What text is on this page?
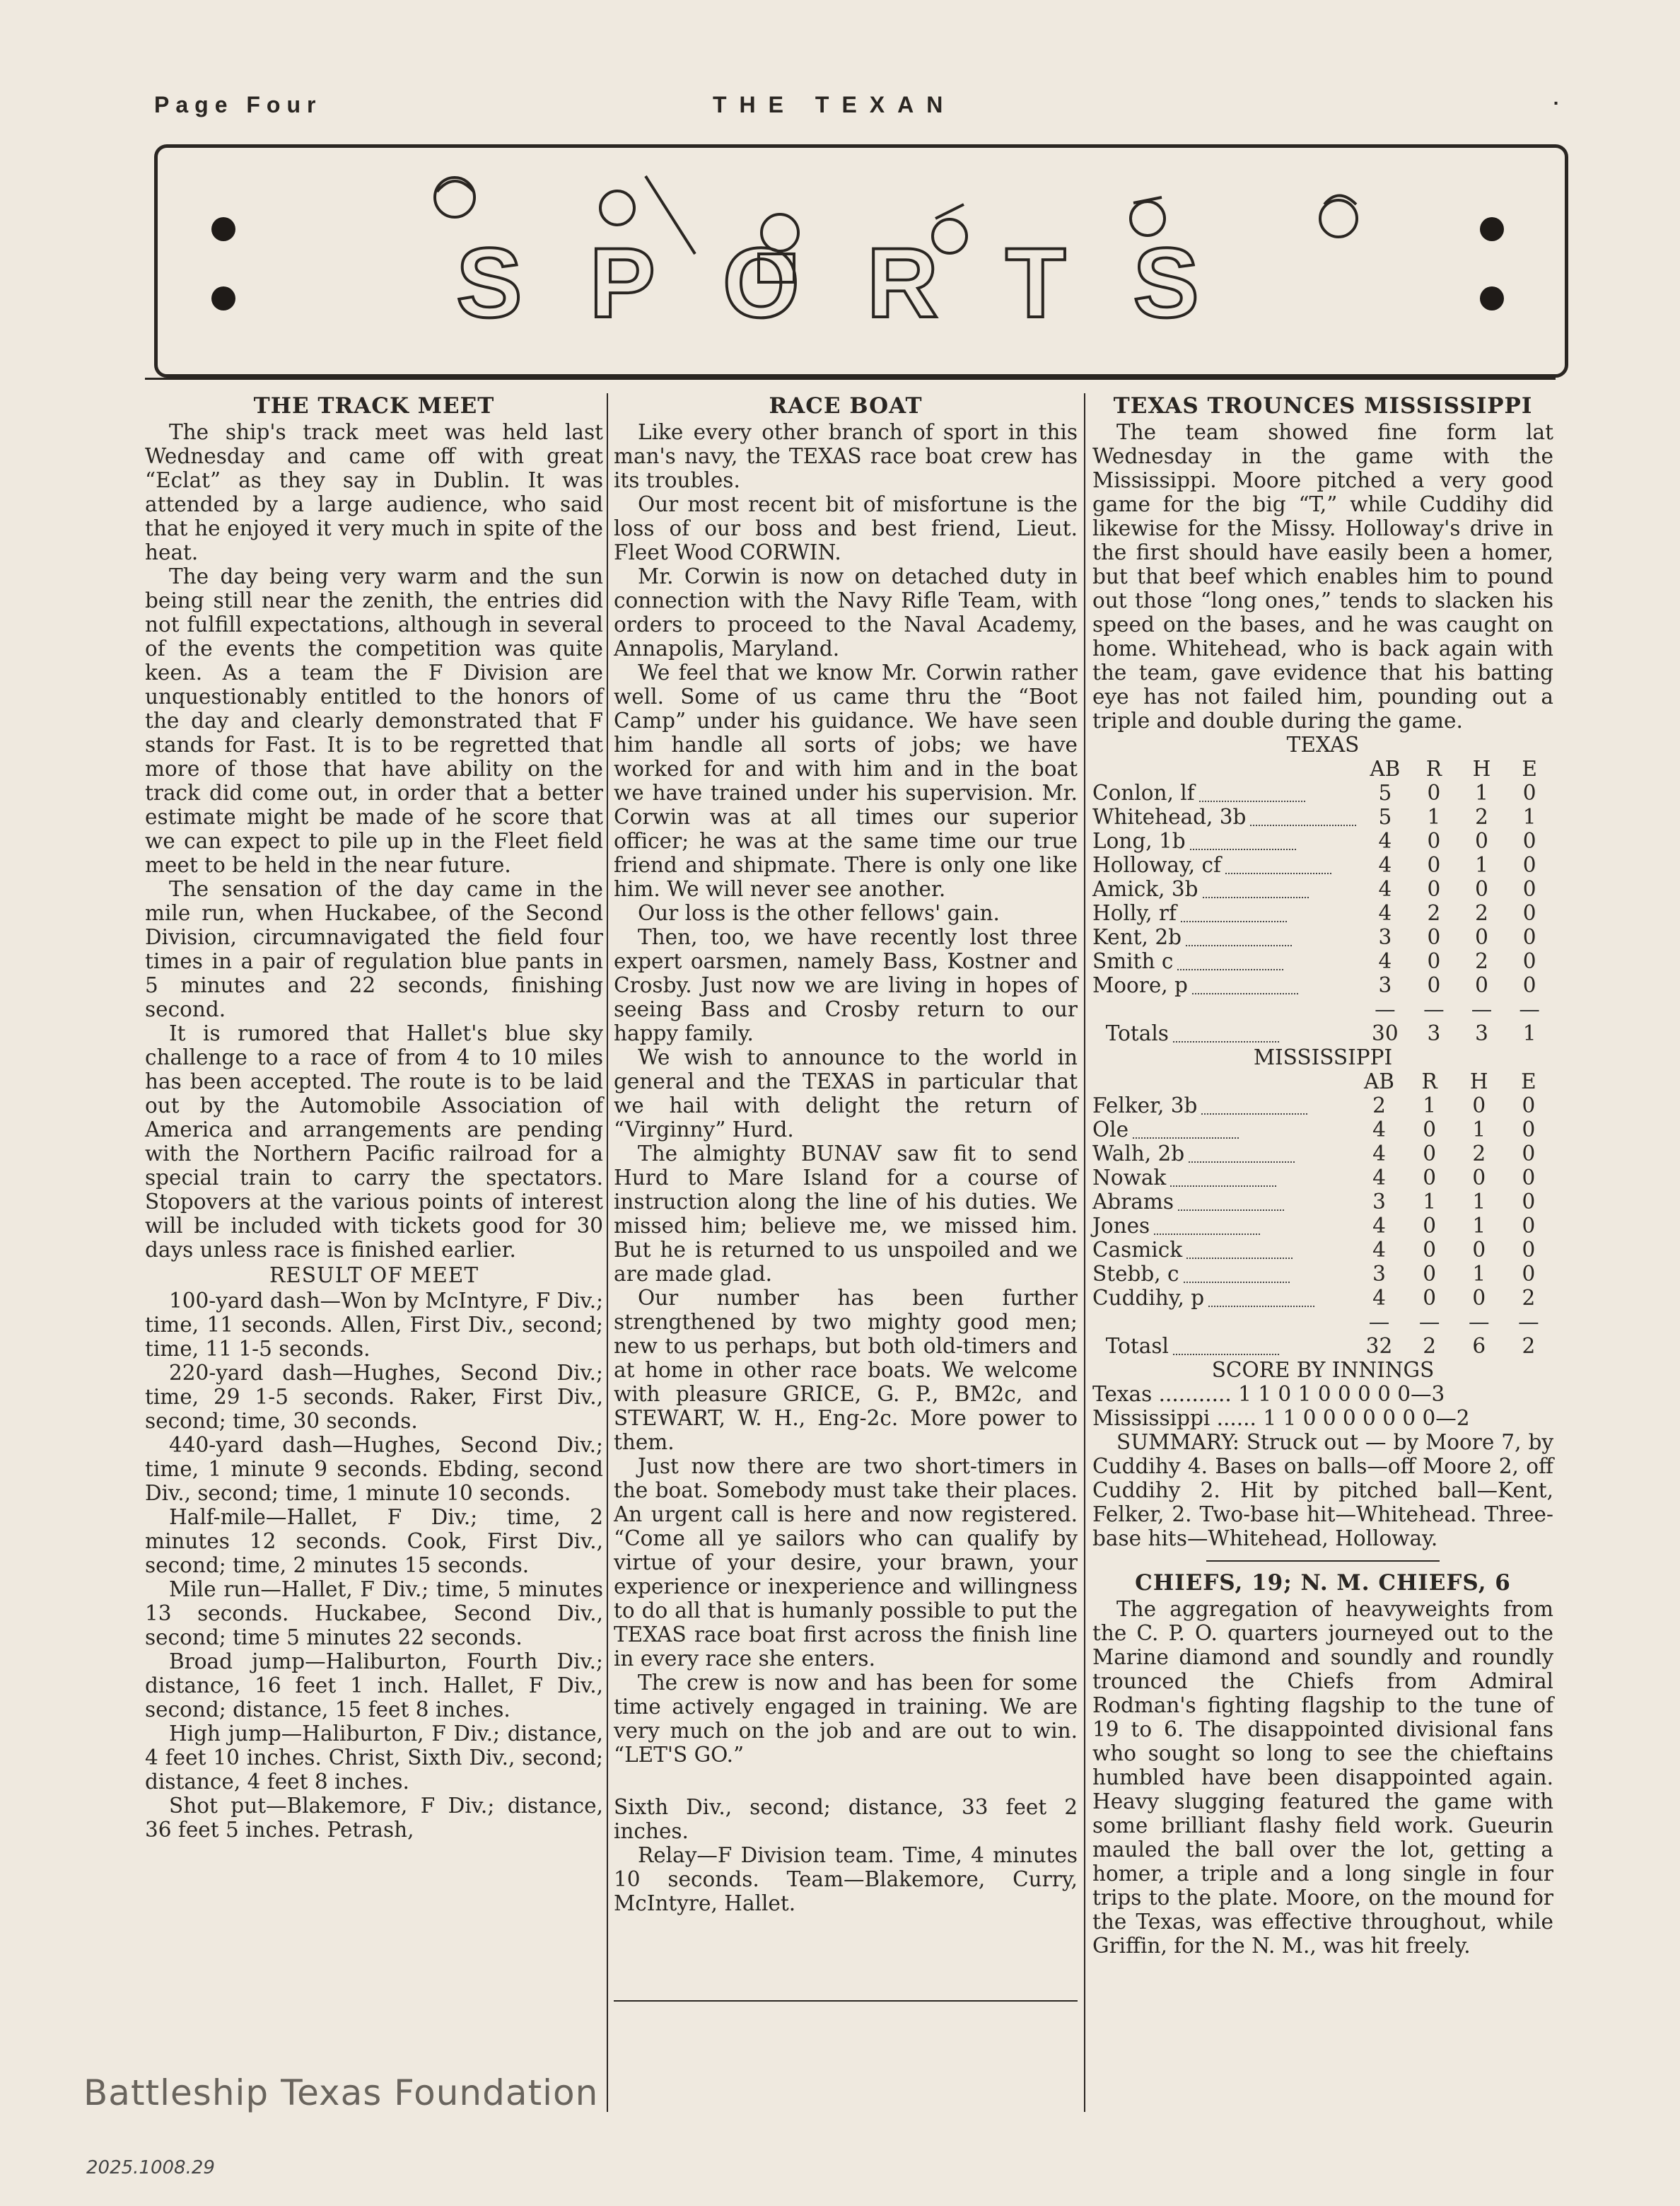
Page Four	THE TEXAN	·
SPORTS
THE TRACK MEET

The ship's track meet was held last Wednesday and came off with great “Eclat” as they say in Dublin. It was attended by a large audience, who said that he enjoyed it very much in spite of the heat.

The day being very warm and the sun being still near the zenith, the entries did not fulfill expectations, although in several of the events the competition was quite keen. As a team the F Division are unquestionably entitled to the honors of the day and clearly demonstrated that F stands for Fast. It is to be regretted that more of those that have ability on the track did come out, in order that a better estimate might be made of he score that we can expect to pile up in the Fleet field meet to be held in the near future.

The sensation of the day came in the mile run, when Huckabee, of the Second Division, circumnavigated the field four times in a pair of regulation blue pants in 5 minutes and 22 seconds, finishing second.

It is rumored that Hallet's blue sky challenge to a race of from 4 to 10 miles has been accepted. The route is to be laid out by the Automobile Association of America and arrangements are pending with the Northern Pacific railroad for a special train to carry the spectators. Stopovers at the various points of interest will be included with tickets good for 30 days unless race is finished earlier.

RESULT OF MEET

100-yard dash—Won by McIntyre, F Div.; time, 11 seconds. Allen, First Div., second; time, 11 1-5 seconds.

220-yard dash—Hughes, Second Div.; time, 29 1-5 seconds. Raker, First Div., second; time, 30 seconds.

440-yard dash—Hughes, Second Div.; time, 1 minute 9 seconds. Ebding, second Div., second; time, 1 minute 10 seconds.

Half-mile—Hallet, F Div.; time, 2 minutes 12 seconds. Cook, First Div., second; time, 2 minutes 15 seconds.

Mile run—Hallet, F Div.; time, 5 minutes 13 seconds. Huckabee, Second Div., second; time 5 minutes 22 seconds.

Broad jump—Haliburton, Fourth Div.; distance, 16 feet 1 inch. Hallet, F Div., second; distance, 15 feet 8 inches.

High jump—Haliburton, F Div.; distance, 4 feet 10 inches. Christ, Sixth Div., second; distance, 4 feet 8 inches.

Shot put—Blakemore, F Div.; distance, 36 feet 5 inches. Petrash,

RACE BOAT

Like every other branch of sport in this man's navy, the TEXAS race boat crew has its troubles.

Our most recent bit of misfortune is the loss of our boss and best friend, Lieut. Fleet Wood CORWIN.

Mr. Corwin is now on detached duty in connection with the Navy Rifle Team, with orders to proceed to the Naval Academy, Annapolis, Maryland.

We feel that we know Mr. Corwin rather well. Some of us came thru the “Boot Camp” under his guidance. We have seen him handle all sorts of jobs; we have worked for and with him and in the boat we have trained under his supervision. Mr. Corwin was at all times our superior officer; he was at the same time our true friend and shipmate. There is only one like him. We will never see another.

Our loss is the other fellows' gain.

Then, too, we have recently lost three expert oarsmen, namely Bass, Kostner and Crosby. Just now we are living in hopes of seeing Bass and Crosby return to our happy family.

We wish to announce to the world in general and the TEXAS in particular that we hail with delight the return of “Virginny” Hurd.

The almighty BUNAV saw fit to send Hurd to Mare Island for a course of instruction along the line of his duties. We missed him; believe me, we missed him. But he is returned to us unspoiled and we are made glad.

Our number has been further strengthened by two mighty good men; new to us perhaps, but both old-timers and at home in other race boats. We welcome with pleasure GRICE, G. P., BM2c, and STEWART, W. H., Eng-2c. More power to them.

Just now there are two short-timers in the boat. Somebody must take their places. An urgent call is here and now registered. “Come all ye sailors who can qualify by virtue of your desire, your brawn, your experience or inexperience and willingness to do all that is humanly possible to put the TEXAS race boat first across the finish line in every race she enters.

The crew is now and has been for some time actively engaged in training. We are very much on the job and are out to win. “LET'S GO.”

Sixth Div., second; distance, 33 feet 2 inches.

Relay—F Division team. Time, 4 minutes 10 seconds. Team—Blakemore, Curry, McIntyre, Hallet.

TEXAS TROUNCES MISSISSIPPI

The team showed fine form lat Wednesday in the game with the Mississippi. Moore pitched a very good game for the big “T,” while Cuddihy did likewise for the Missy. Holloway's drive in the first should have easily been a homer, but that beef which enables him to pound out those “long ones,” tends to slacken his speed on the bases, and he was caught on home. Whitehead, who is back again with the team, gave evidence that his batting eye has not failed him, pounding out a triple and double during the game.

TEXAS
	AB	R	H	E
Conlon, lf	5	0	1	0
Whitehead, 3b	5	1	2	1
Long, 1b	4	0	0	0
Holloway, cf	4	0	1	0
Amick, 3b	4	0	0	0
Holly, rf	4	2	2	0
Kent, 2b	3	0	0	0
Smith c	4	0	2	0
Moore, p	3	0	0	0
	—	—	—	—
Totals	30	3	3	1
MISSISSIPPI
	AB	R	H	E
Felker, 3b	2	1	0	0
Ole	4	0	1	0
Walh, 2b	4	0	2	0
Nowak	4	0	0	0
Abrams	3	1	1	0
Jones	4	0	1	0
Casmick	4	0	0	0
Stebb, c	3	0	1	0
Cuddihy, p	4	0	0	2
	—	—	—	—
Totasl	32	2	6	2
SCORE BY INNINGS
Texas ........... 1 1 0 1 0 0 0 0 0—3
Mississippi ...... 1 1 0 0 0 0 0 0 0—2

SUMMARY: Struck out — by Moore 7, by Cuddihy 4. Bases on balls—off Moore 2, off Cuddihy 2. Hit by pitched ball—Kent, Felker, 2. Two-base hit—Whitehead. Three-base hits—Whitehead, Holloway.

CHIEFS, 19; N. M. CHIEFS, 6

The aggregation of heavyweights from the C. P. O. quarters journeyed out to the Marine diamond and soundly and roundly trounced the Chiefs from Admiral Rodman's fighting flagship to the tune of 19 to 6. The disappointed divisional fans who sought so long to see the chieftains humbled have been disappointed again. Heavy slugging featured the game with some brilliant flashy field work. Gueurin mauled the ball over the lot, getting a homer, a triple and a long single in four trips to the plate. Moore, on the mound for the Texas, was effective throughout, while Griffin, for the N. M., was hit freely.

Battleship Texas Foundation
2025.1008.29
